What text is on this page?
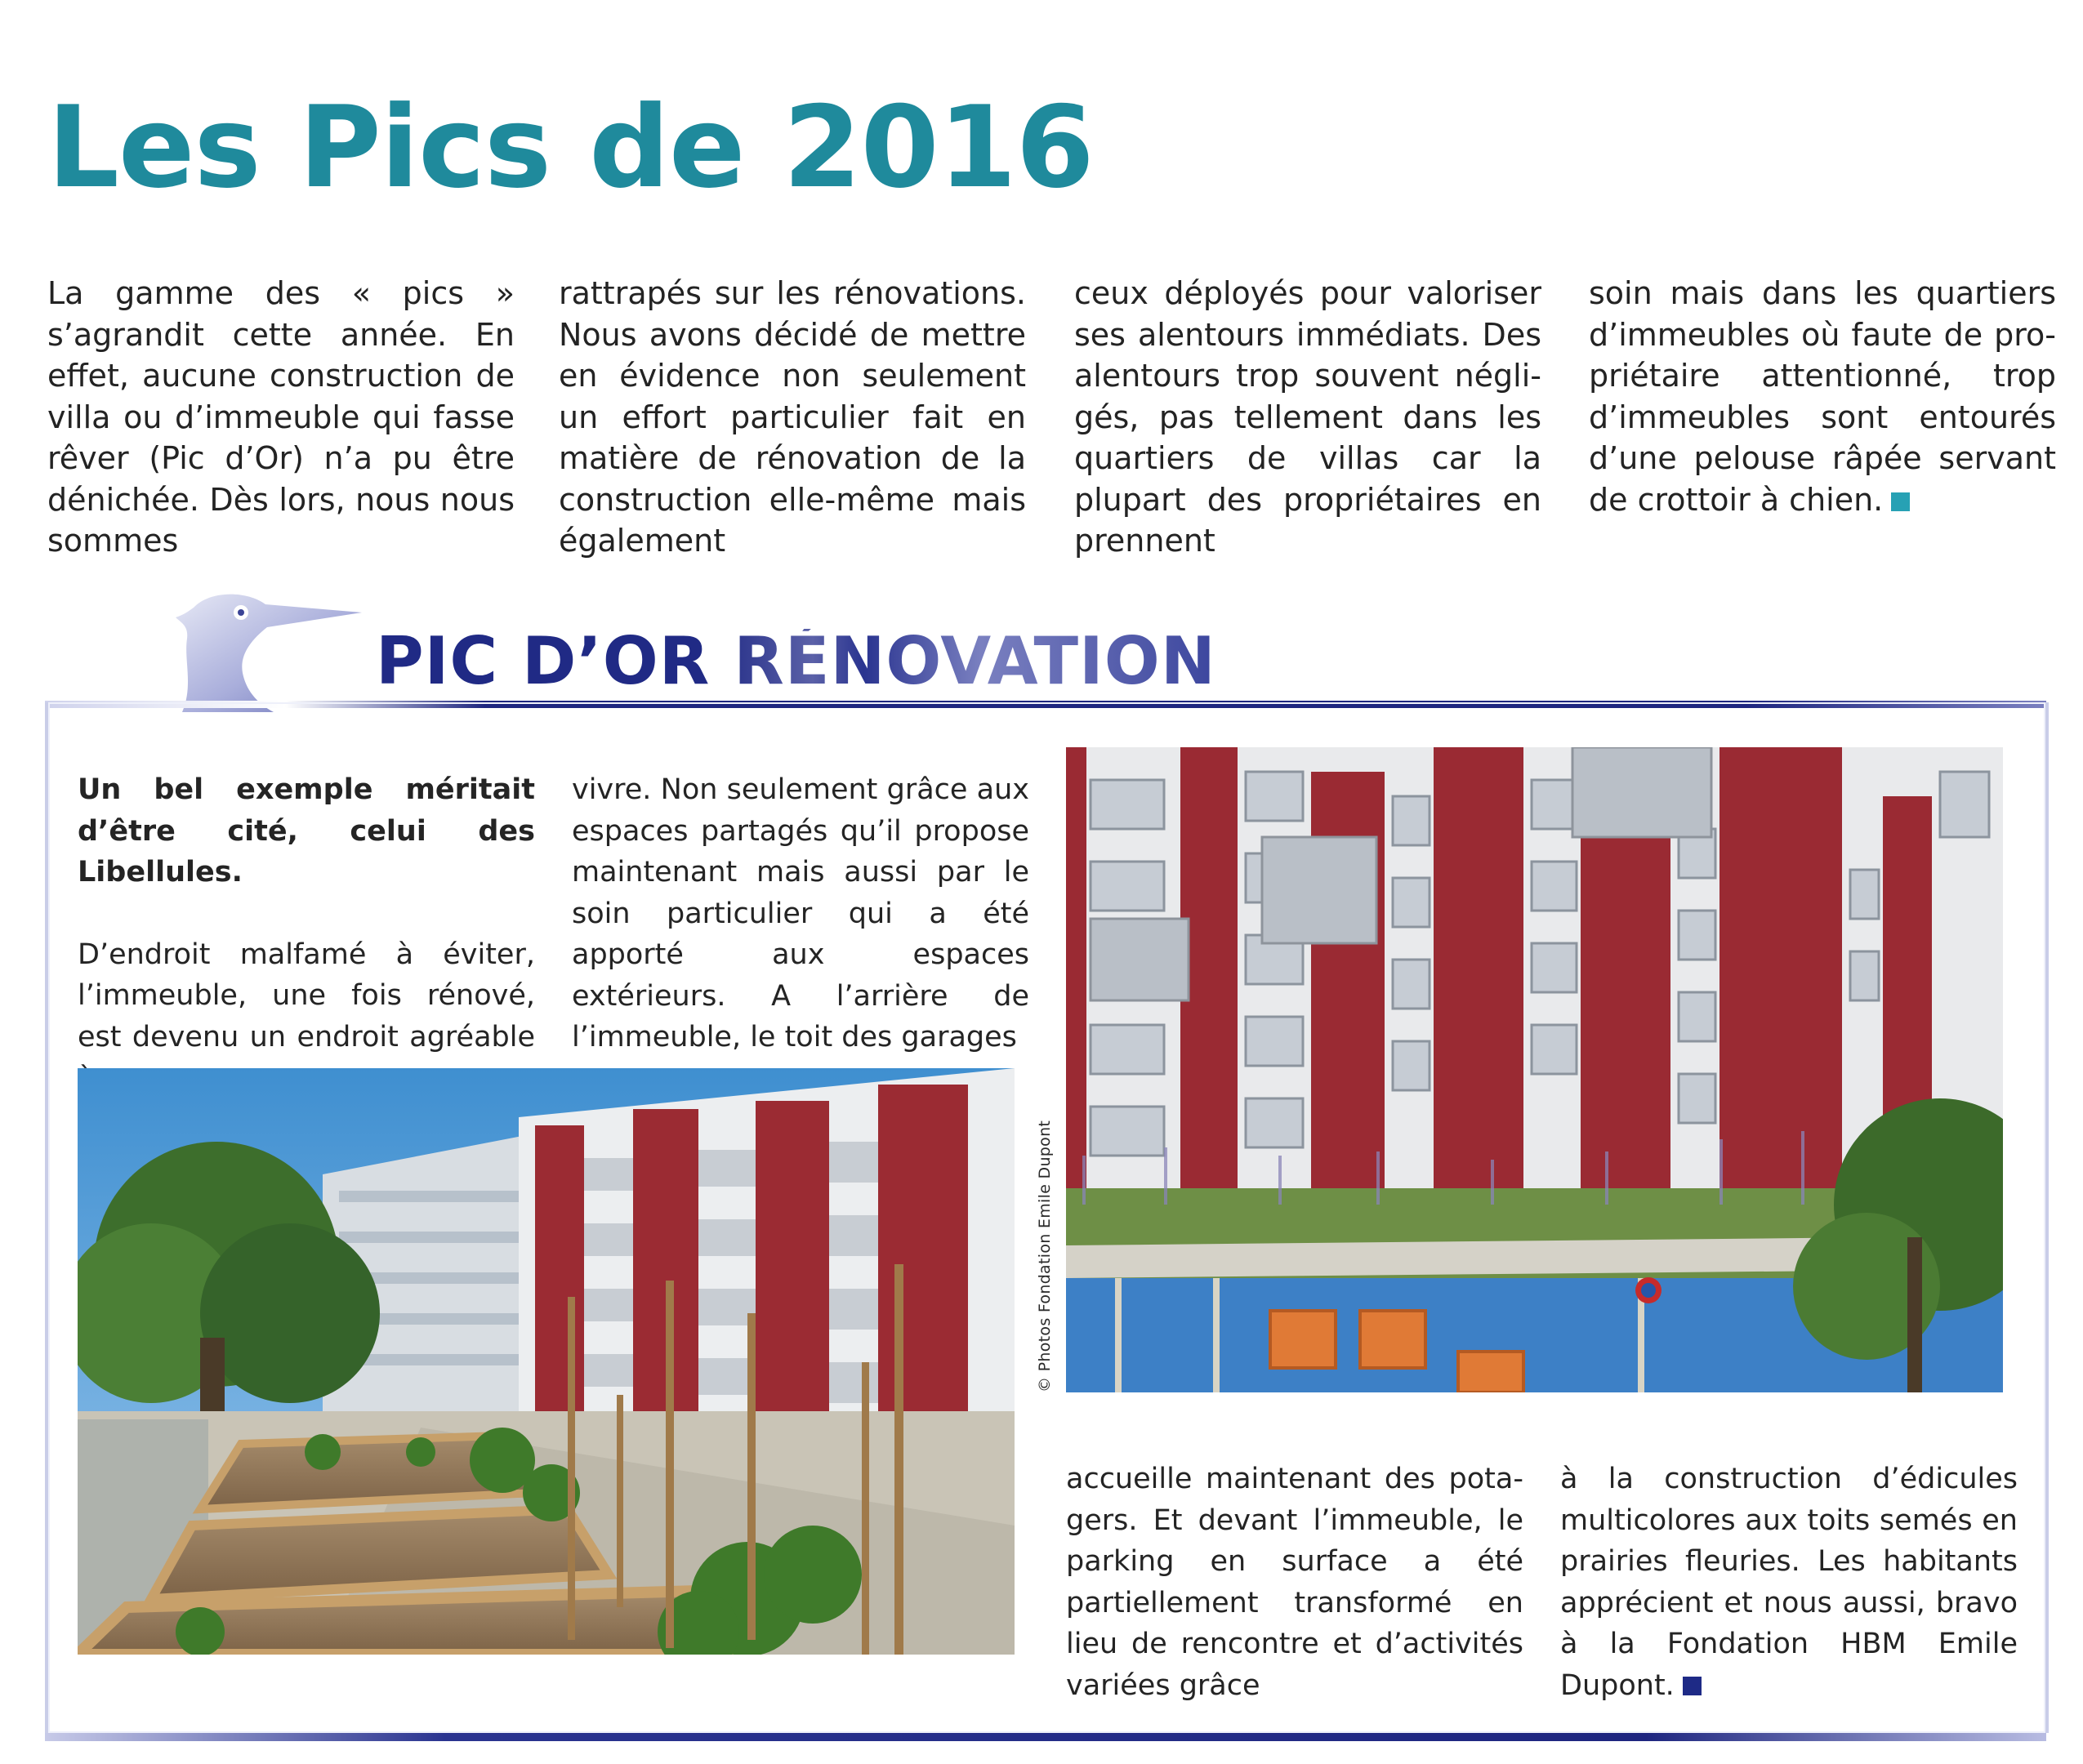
Les Pics de 2016

La gamme des « pics » s’agrandit cette année. En effet, aucune construction de villa ou d’immeuble qui fasse rêver (Pic d’Or) n’a pu être dénichée. Dès lors, nous nous sommes

rattrapés sur les rénovations. Nous avons décidé de mettre en évidence non seulement un effort particulier fait en matière de rénovation de la construction elle-même mais également

ceux déployés pour valoriser ses alentours immédiats. Des alentours trop souvent négligés, pas tellement dans les quartiers de villas car la plupart des propriétaires en prennent

soin mais dans les quartiers d’immeubles où faute de propriétaire attentionné, trop d’immeubles sont entourés d’une pelouse râpée servant de crottoir à chien.

PIC D’OR RÉNOVATION

Un bel exemple méritait d’être cité, celui des Libellules.

D’endroit malfamé à éviter, l’immeuble, une fois rénové, est devenu un endroit agréable

vivre. Non seulement grâce aux espaces partagés qu’il propose maintenant mais aussi par le soin particulier qui a été apporté aux espaces extérieurs. A l’arrière de l’immeuble, le toit des garages

accueille maintenant des potagers. Et devant l’immeuble, le parking en surface a été partiellement transformé en lieu de rencontre et d’activités variées grâce

à la construction d’édicules multicolores aux toits semés en prairies fleuries. Les habitants apprécient et nous aussi, bravo à la Fondation HBM Emile Dupont.

© Photos Fondation Emile Dupont
